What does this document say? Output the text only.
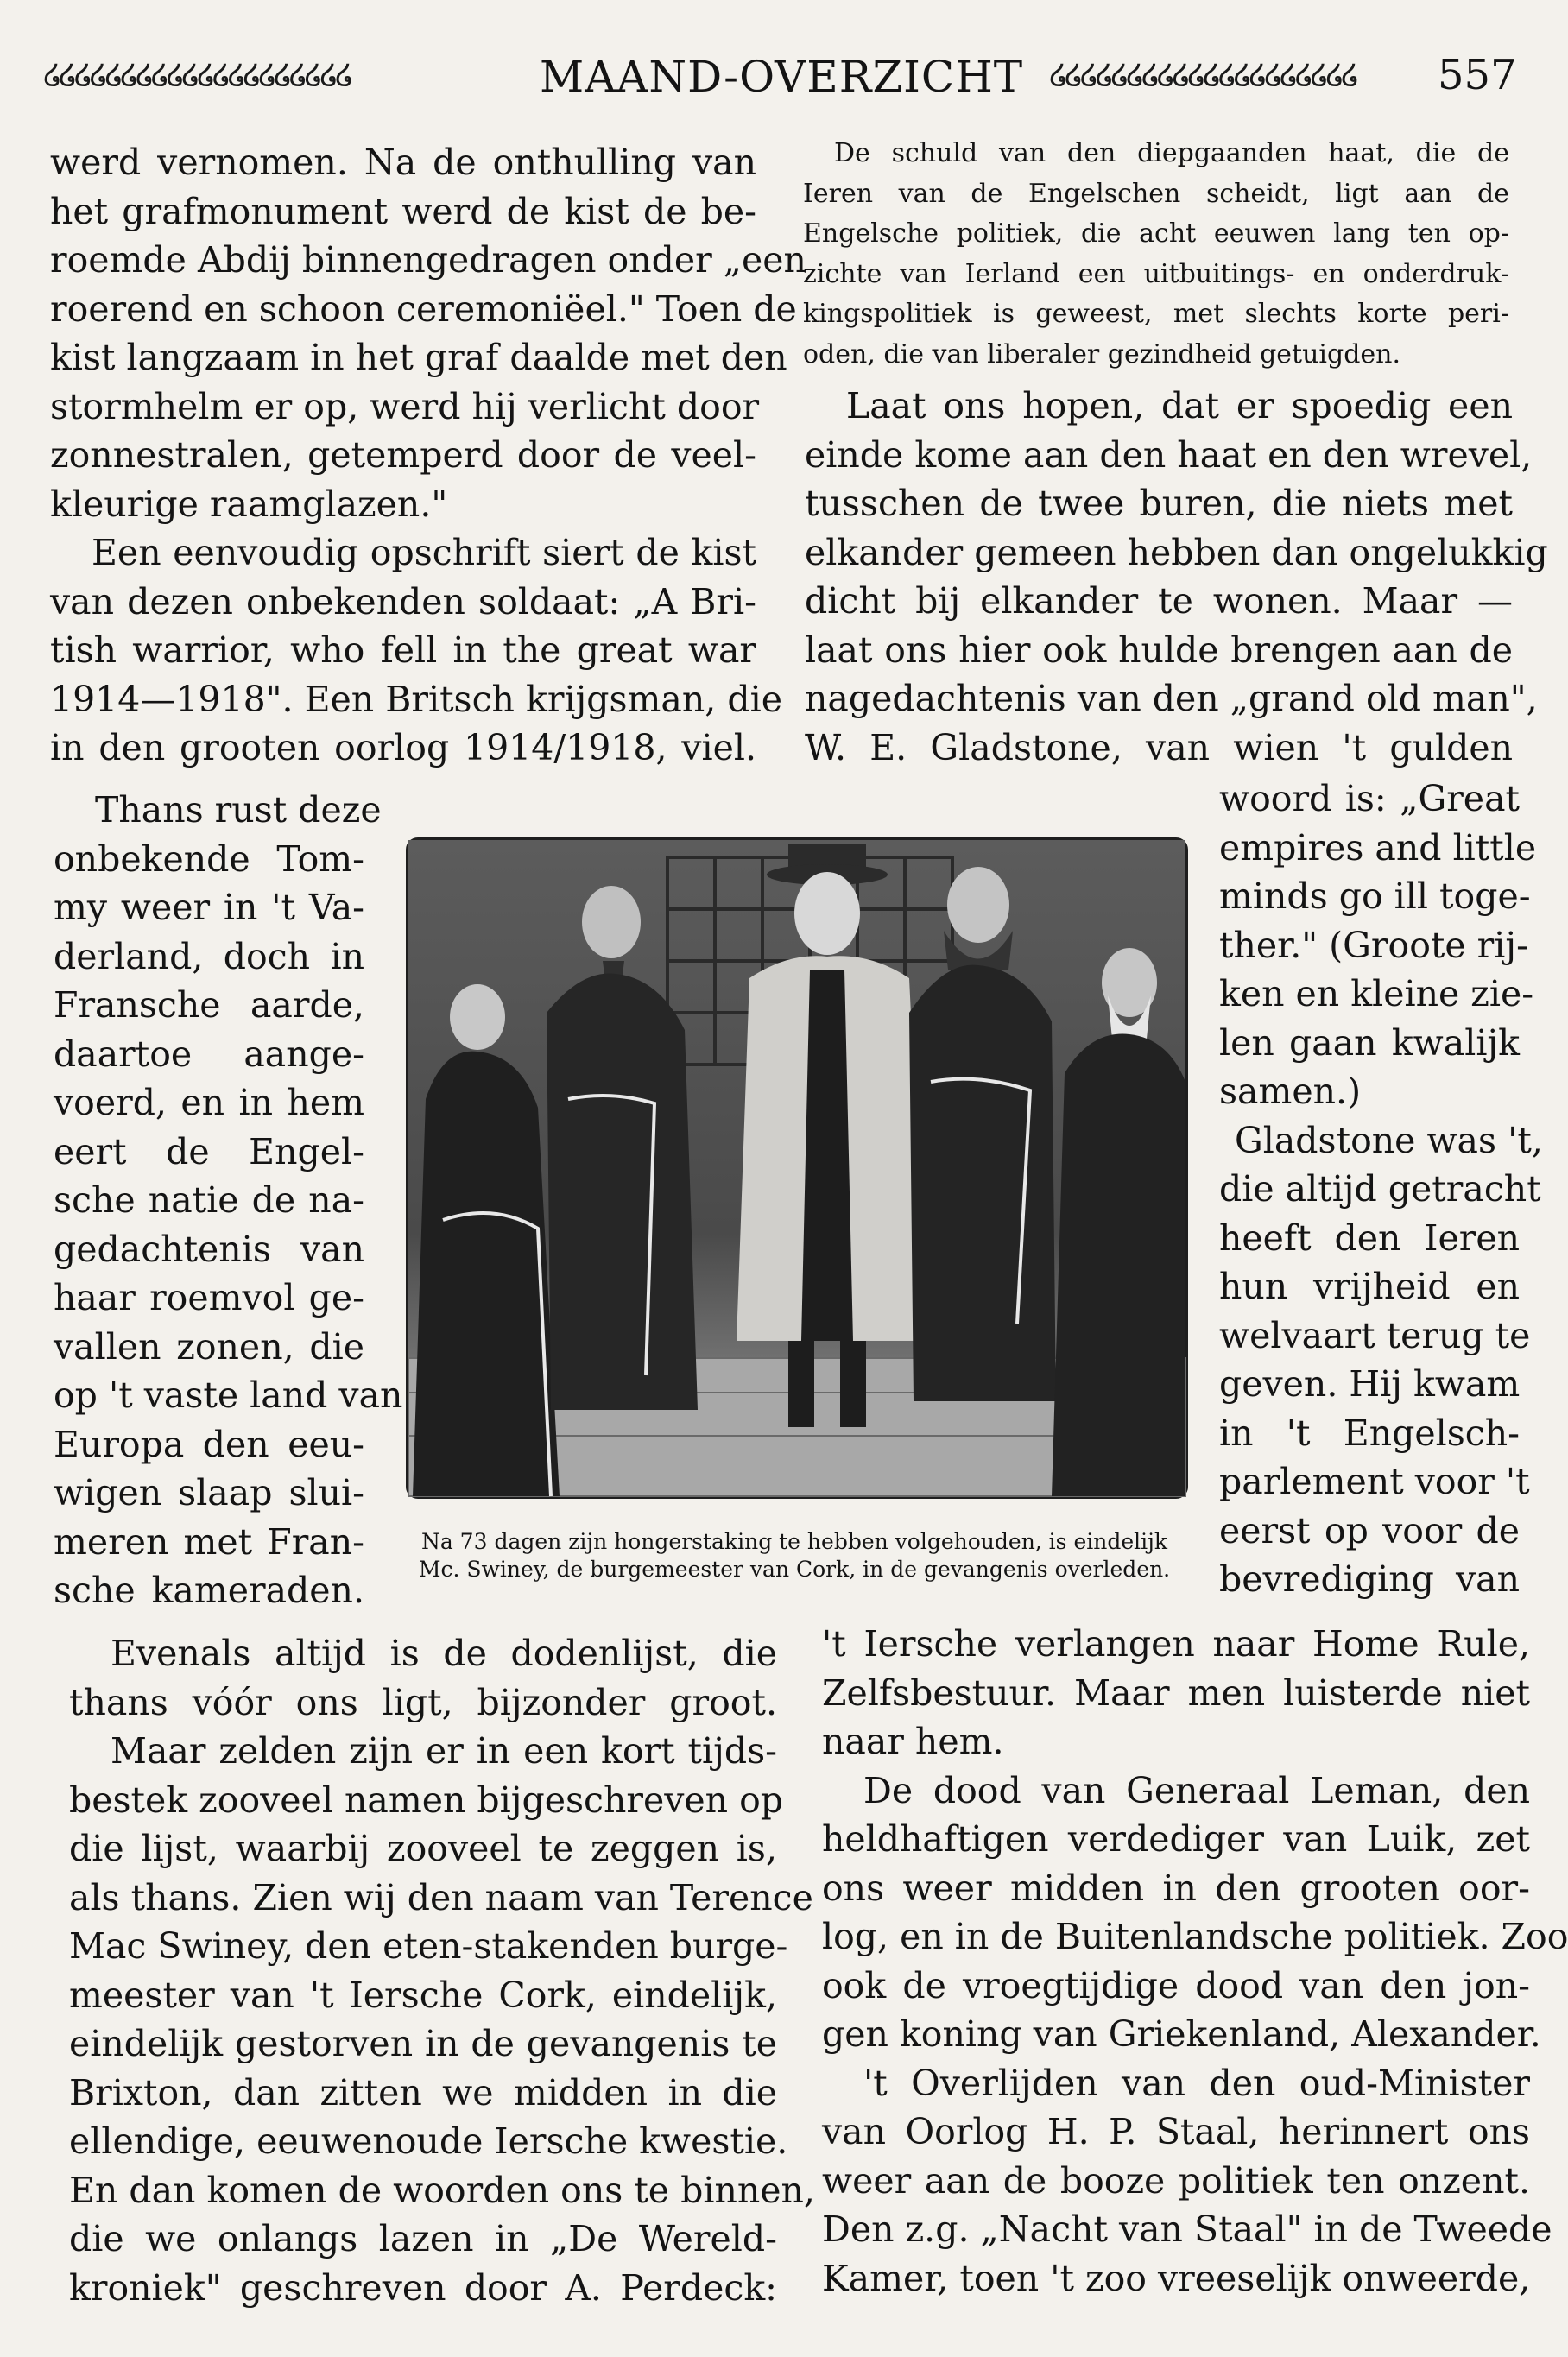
໒໒໒໒໒໒໒໒໒໒໒໒໒໒໒໒໒໒໒໒	MAAND-OVERZICHT ໒໒໒໒໒໒໒໒໒໒໒໒໒໒໒໒໒໒໒໒	557
werd vernomen. Na de onthulling van
het grafmonument werd de kist de be-
roemde Abdij binnengedragen onder „een
roerend en schoon ceremoniëel." Toen de
kist langzaam in het graf daalde met den
stormhelm er op, werd hij verlicht door
zonnestralen, getemperd door de veel-
kleurige raamglazen."
Een eenvoudig opschrift siert de kist
van dezen onbekenden soldaat: „A Bri-
tish warrior, who fell in the great war
1914—1918". Een Britsch krijgsman, die
in den grooten oorlog 1914/1918, viel.
Thans rust deze
onbekende Tom-
my weer in 't Va-
derland, doch in
Fransche aarde,
daartoe aange-
voerd, en in hem
eert de Engel-
sche natie de na-
gedachtenis van
haar roemvol ge-
vallen zonen, die
op 't vaste land van
Europa den eeu-
wigen slaap slui-
meren met Fran-
sche kameraden.
Na 73 dagen zijn hongerstaking te hebben volgehouden, is eindelijk
Mc. Swiney, de burgemeester van Cork, in de gevangenis overleden.
Evenals altijd is de dodenlijst, die
thans vóór ons ligt, bijzonder groot.
Maar zelden zijn er in een kort tijds-
bestek zooveel namen bijgeschreven op
die lijst, waarbij zooveel te zeggen is,
als thans. Zien wij den naam van Terence
Mac Swiney, den eten-stakenden burge-
meester van 't Iersche Cork, eindelijk,
eindelijk gestorven in de gevangenis te
Brixton, dan zitten we midden in die
ellendige, eeuwenoude Iersche kwestie.
En dan komen de woorden ons te binnen,
die we onlangs lazen in „De Wereld-
kroniek" geschreven door A. Perdeck:
De schuld van den diepgaanden haat, die de
Ieren van de Engelschen scheidt, ligt aan de
Engelsche politiek, die acht eeuwen lang ten op-
zichte van Ierland een uitbuitings- en onderdruk-
kingspolitiek is geweest, met slechts korte peri-
oden, die van liberaler gezindheid getuigden.
Laat ons hopen, dat er spoedig een
einde kome aan den haat en den wrevel,
tusschen de twee buren, die niets met
elkander gemeen hebben dan ongelukkig
dicht bij elkander te wonen. Maar —
laat ons hier ook hulde brengen aan de
nagedachtenis van den „grand old man",
W. E. Gladstone, van wien 't gulden
woord is: „Great
empires and little
minds go ill toge-
ther." (Groote rij-
ken en kleine zie-
len gaan kwalijk
samen.)
Gladstone was 't,
die altijd getracht
heeft den Ieren
hun vrijheid en
welvaart terug te
geven. Hij kwam
in 't Engelsch-
parlement voor 't
eerst op voor de
bevrediging van
't Iersche verlangen naar Home Rule,
Zelfsbestuur. Maar men luisterde niet
naar hem.
De dood van Generaal Leman, den
heldhaftigen verdediger van Luik, zet
ons weer midden in den grooten oor-
log, en in de Buitenlandsche politiek. Zoo
ook de vroegtijdige dood van den jon-
gen koning van Griekenland, Alexander.
't Overlijden van den oud-Minister
van Oorlog H. P. Staal, herinnert ons
weer aan de booze politiek ten onzent.
Den z.g. „Nacht van Staal" in de Tweede
Kamer, toen 't zoo vreeselijk onweerde,
